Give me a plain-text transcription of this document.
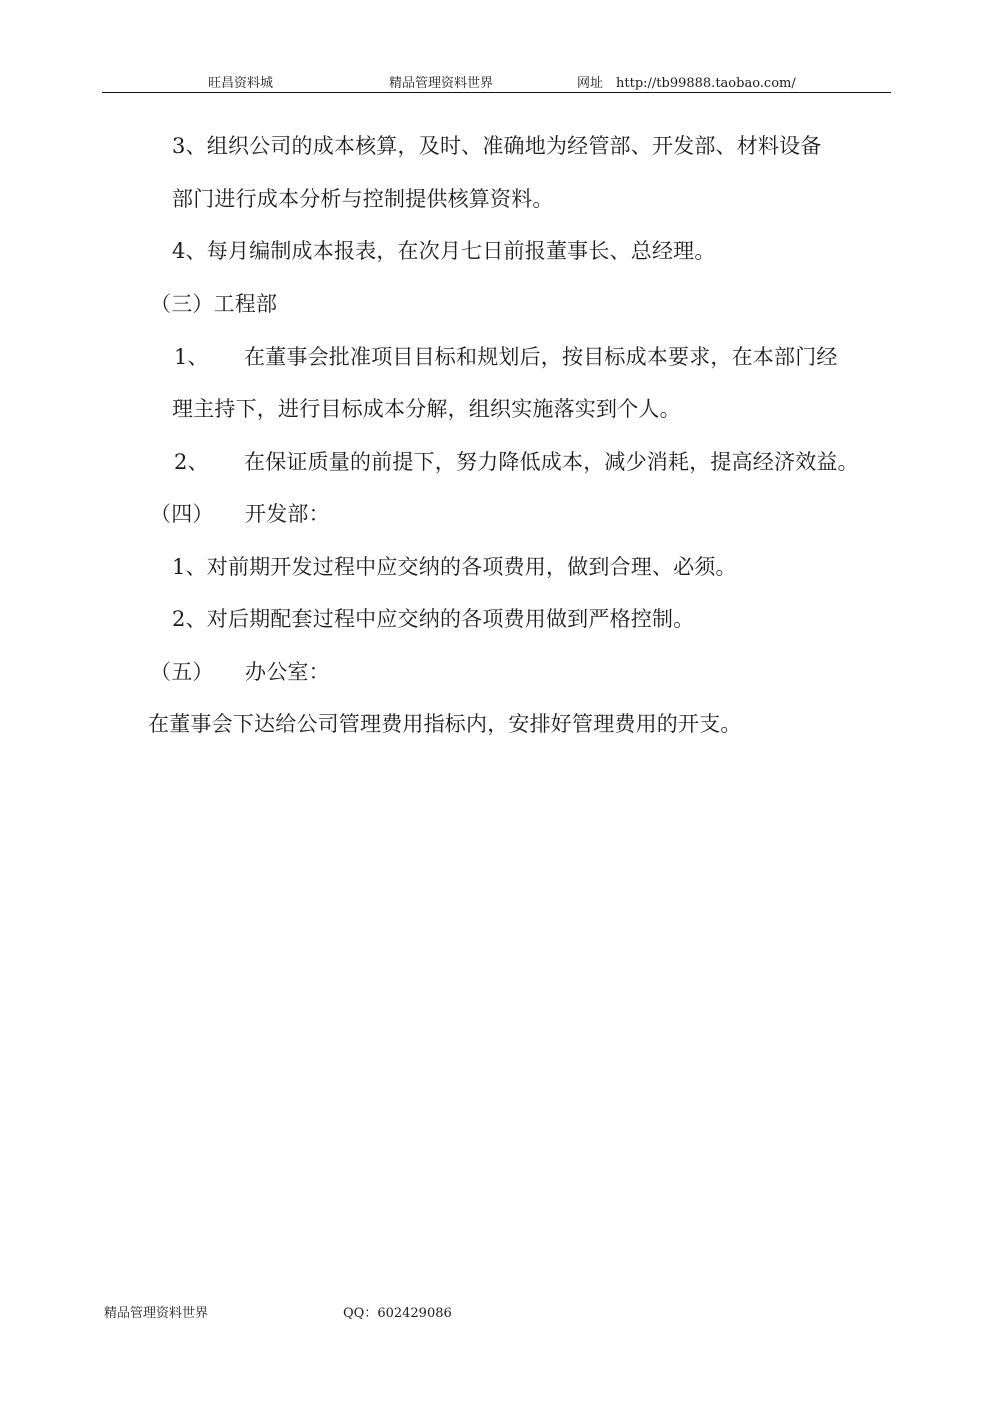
旺昌资料城	精品管理资料世界	网址　http://tb99888.taobao.com/
3、组织公司的成本核算，及时、准确地为经管部、开发部、材料设备
部门进行成本分析与控制提供核算资料。
4、每月编制成本报表，在次月七日前报董事长、总经理。
（三）工程部
1、 在董事会批准项目目标和规划后，按目标成本要求，在本部门经
理主持下，进行目标成本分解，组织实施落实到个人。
2、 在保证质量的前提下，努力降低成本，减少消耗，提高经济效益。
（四） 开发部：
1、对前期开发过程中应交纳的各项费用，做到合理、必须。
2、对后期配套过程中应交纳的各项费用做到严格控制。
（五） 办公室：
在董事会下达给公司管理费用指标内，安排好管理费用的开支。
精品管理资料世界	QQ：602429086
